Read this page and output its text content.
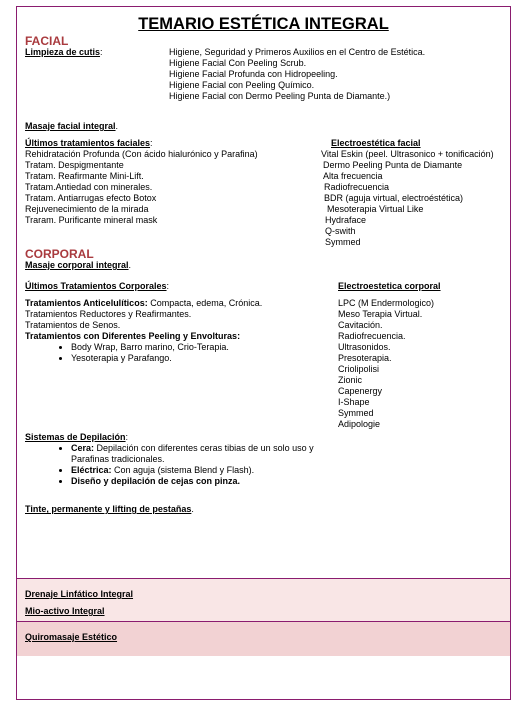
TEMARIO ESTÉTICA INTEGRAL
FACIAL
Limpieza de cutis:	Higiene, Seguridad y Primeros Auxilios en el Centro de Estética.
Higiene Facial Con Peeling Scrub.
Higiene Facial Profunda con Hidropeeling.
Higiene Facial con Peeling Químico.
Higiene Facial con Dermo Peeling Punta de Diamante.)
Masaje facial integral.
Últimos tratamientos faciales:
Rehidratación Profunda (Con ácido hialurónico y Parafina)
Tratam. Despigmentante
Tratam. Reafirmante Mini-Lift.
Tratam.Antiedad con minerales.
Tratam. Antiarrugas efecto Botox
Rejuvenecimiento de la mirada
Traram. Purificante mineral mask
Electroestética facial
Vital Eskin (peel. Ultrasonico + tonificación)
Dermo Peeling Punta de Diamante
Alta frecuencia
Radiofrecuencia
BDR (aguja virtual, electroéstética)
Mesoterapia Virtual Like
Hydraface
Q-swith
Symmed
CORPORAL
Masaje corporal integral.
Últimos Tratamientos Corporales:
Tratamientos Anticelulíticos: Compacta, edema, Crónica.
Tratamientos Reductores y Reafirmantes.
Tratamientos de Senos.
Tratamientos con Diferentes Peeling y Envolturas:
• Body Wrap, Barro marino, Crio-Terapia.
• Yesoterapia y Parafango.
Electroestetica corporal
LPC (M Endermologico)
Meso Terapia Virtual.
Cavitación.
Radiofrecuencia.
Ultrasonidos.
Presoterapia.
Criolipolisi
Zionic
Capenergy
I-Shape
Symmed
Adipologie
Sistemas de Depilación:
• Cera: Depilación con diferentes ceras tibias de un solo uso y
Parafinas tradicionales.
• Eléctrica: Con aguja (sistema Blend y Flash).
• Diseño y depilación de cejas con pinza.
Tinte, permanente y lifting de pestañas.
Drenaje Linfático Integral
Mio-activo Integral
Quiromasaje Estético
